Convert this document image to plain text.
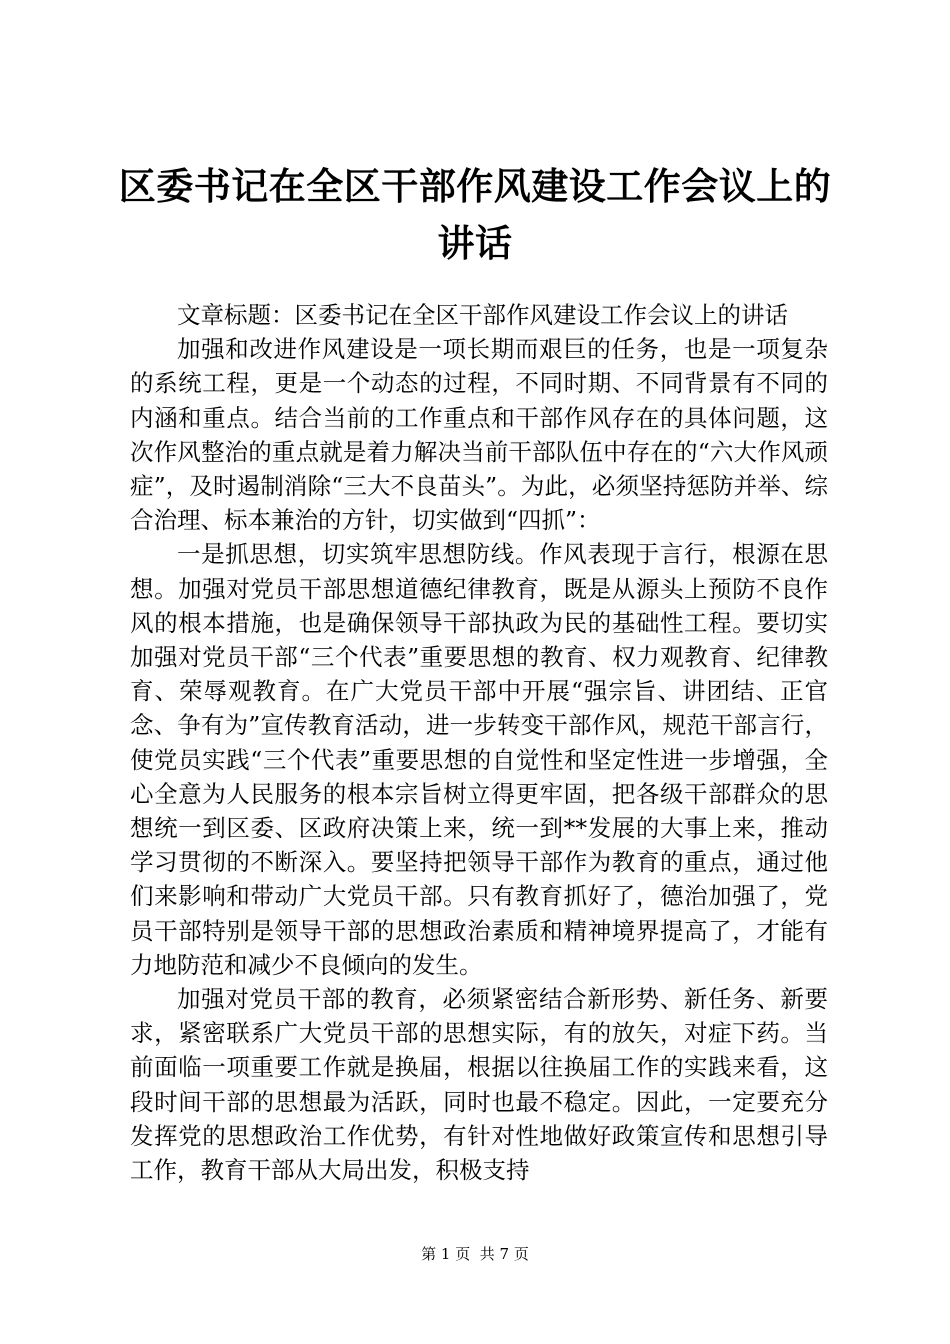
区委书记在全区干部作风建设工作会议上的讲话

文章标题：区委书记在全区干部作风建设工作会议上的讲话

加强和改进作风建设是一项长期而艰巨的任务，也是一项复杂的系统工程，更是一个动态的过程，不同时期、不同背景有不同的内涵和重点。结合当前的工作重点和干部作风存在的具体问题，这次作风整治的重点就是着力解决当前干部队伍中存在的“六大作风顽症”，及时遏制消除“三大不良苗头”。为此，必须坚持惩防并举、综合治理、标本兼治的方针，切实做到“四抓”：

一是抓思想，切实筑牢思想防线。作风表现于言行，根源在思想。加强对党员干部思想道德纪律教育，既是从源头上预防不良作风的根本措施，也是确保领导干部执政为民的基础性工程。要切实加强对党员干部“三个代表”重要思想的教育、权力观教育、纪律教育、荣辱观教育。在广大党员干部中开展“强宗旨、讲团结、正官念、争有为”宣传教育活动，进一步转变干部作风，规范干部言行，使党员实践“三个代表”重要思想的自觉性和坚定性进一步增强，全心全意为人民服务的根本宗旨树立得更牢固，把各级干部群众的思想统一到区委、区政府决策上来，统一到**发展的大事上来，推动学习贯彻的不断深入。要坚持把领导干部作为教育的重点，通过他们来影响和带动广大党员干部。只有教育抓好了，德治加强了，党员干部特别是领导干部的思想政治素质和精神境界提高了，才能有力地防范和减少不良倾向的发生。

加强对党员干部的教育，必须紧密结合新形势、新任务、新要求，紧密联系广大党员干部的思想实际，有的放矢，对症下药。当前面临一项重要工作就是换届，根据以往换届工作的实践来看，这段时间干部的思想最为活跃，同时也最不稳定。因此，一定要充分发挥党的思想政治工作优势，有针对性地做好政策宣传和思想引导工作，教育干部从大局出发，积极支持

第 1 页  共 7 页
